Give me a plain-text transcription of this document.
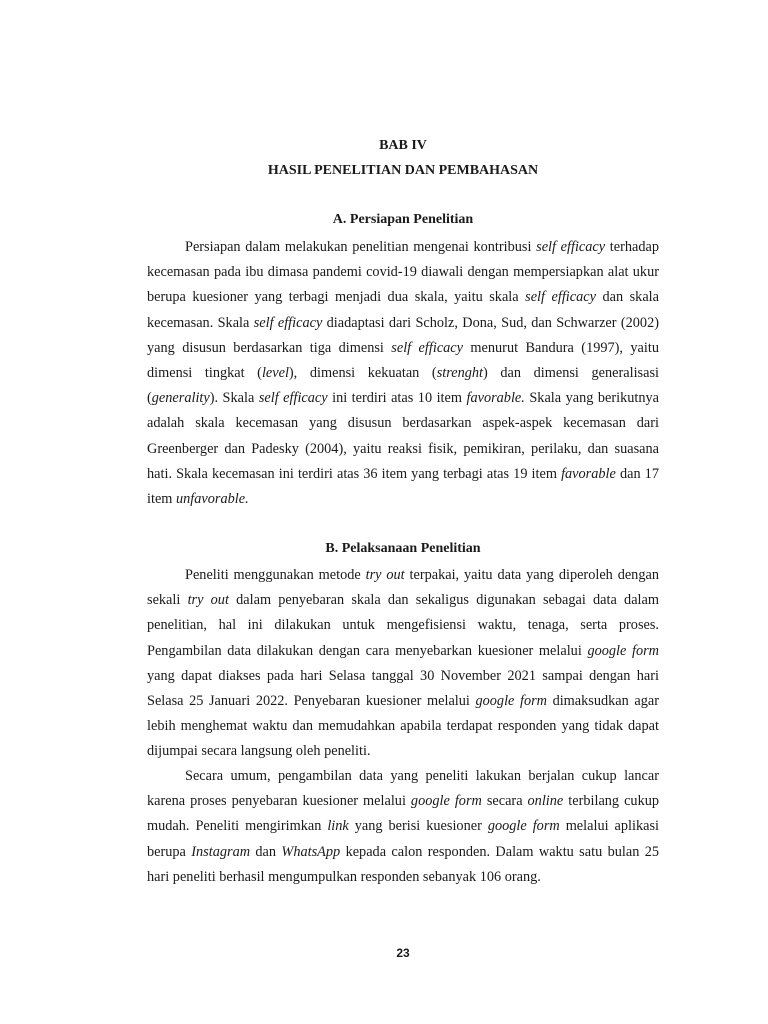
BAB IV
HASIL PENELITIAN DAN PEMBAHASAN
A. Persiapan Penelitian

Persiapan dalam melakukan penelitian mengenai kontribusi self efficacy terhadap kecemasan pada ibu dimasa pandemi covid-19 diawali dengan mempersiapkan alat ukur berupa kuesioner yang terbagi menjadi dua skala, yaitu skala self efficacy dan skala kecemasan. Skala self efficacy diadaptasi dari Scholz, Dona, Sud, dan Schwarzer (2002) yang disusun berdasarkan tiga dimensi self efficacy menurut Bandura (1997), yaitu dimensi tingkat (level), dimensi kekuatan (strenght) dan dimensi generalisasi (generality). Skala self efficacy ini terdiri atas 10 item favorable. Skala yang berikutnya adalah skala kecemasan yang disusun berdasarkan aspek-aspek kecemasan dari Greenberger dan Padesky (2004), yaitu reaksi fisik, pemikiran, perilaku, dan suasana hati. Skala kecemasan ini terdiri atas 36 item yang terbagi atas 19 item favorable dan 17 item unfavorable.

B. Pelaksanaan Penelitian

Peneliti menggunakan metode try out terpakai, yaitu data yang diperoleh dengan sekali try out dalam penyebaran skala dan sekaligus digunakan sebagai data dalam penelitian, hal ini dilakukan untuk mengefisiensi waktu, tenaga, serta proses. Pengambilan data dilakukan dengan cara menyebarkan kuesioner melalui google form yang dapat diakses pada hari Selasa tanggal 30 November 2021 sampai dengan hari Selasa 25 Januari 2022. Penyebaran kuesioner melalui google form dimaksudkan agar lebih menghemat waktu dan memudahkan apabila terdapat responden yang tidak dapat dijumpai secara langsung oleh peneliti.

Secara umum, pengambilan data yang peneliti lakukan berjalan cukup lancar karena proses penyebaran kuesioner melalui google form secara online terbilang cukup mudah. Peneliti mengirimkan link yang berisi kuesioner google form melalui aplikasi berupa Instagram dan WhatsApp kepada calon responden. Dalam waktu satu bulan 25 hari peneliti berhasil mengumpulkan responden sebanyak 106 orang.

23
